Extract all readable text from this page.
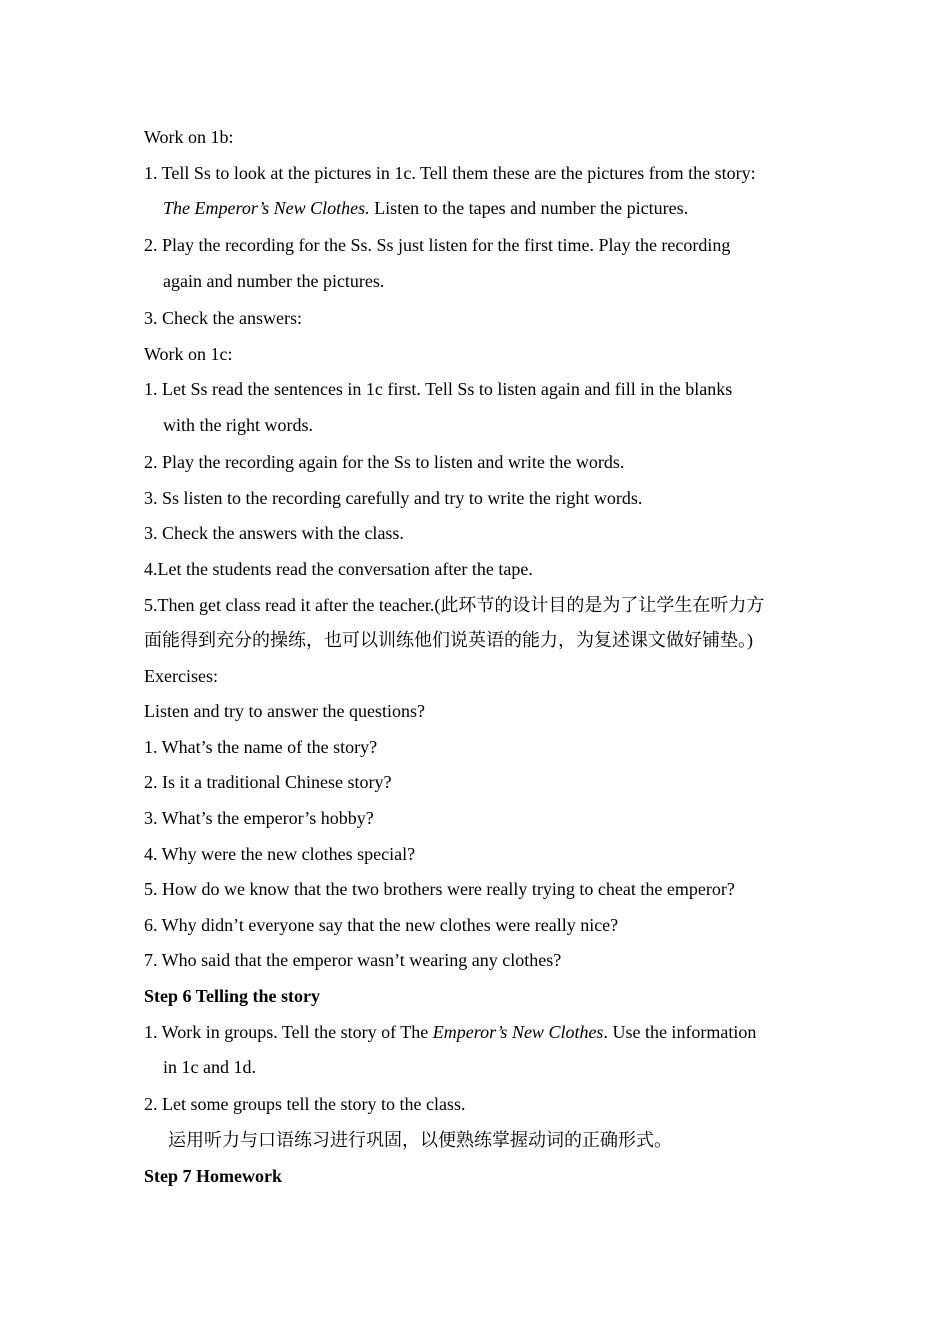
Work on 1b:
1. Tell Ss to look at the pictures in 1c. Tell them these are the pictures from the story:
The Emperor’s New Clothes. Listen to the tapes and number the pictures.
2. Play the recording for the Ss. Ss just listen for the first time. Play the recording
again and number the pictures.
3. Check the answers:
Work on 1c:
1. Let Ss read the sentences in 1c first. Tell Ss to listen again and fill in the blanks
with the right words.
2. Play the recording again for the Ss to listen and write the words.
3. Ss listen to the recording carefully and try to write the right words.
3. Check the answers with the class.
4.Let the students read the conversation after the tape.
5.Then get class read it after the teacher.(此环节的设计目的是为了让学生在听力方
面能得到充分的操练，也可以训练他们说英语的能力，为复述课文做好铺垫。)
Exercises:
Listen and try to answer the questions?
1. What’s the name of the story?
2. Is it a traditional Chinese story?
3. What’s the emperor’s hobby?
4. Why were the new clothes special?
5. How do we know that the two brothers were really trying to cheat the emperor?
6. Why didn’t everyone say that the new clothes were really nice?
7. Who said that the emperor wasn’t wearing any clothes?
Step 6 Telling the story
1. Work in groups. Tell the story of The Emperor’s New Clothes. Use the information
in 1c and 1d.
2. Let some groups tell the story to the class.
运用听力与口语练习进行巩固，以便熟练掌握动词的正确形式。
Step 7 Homework
